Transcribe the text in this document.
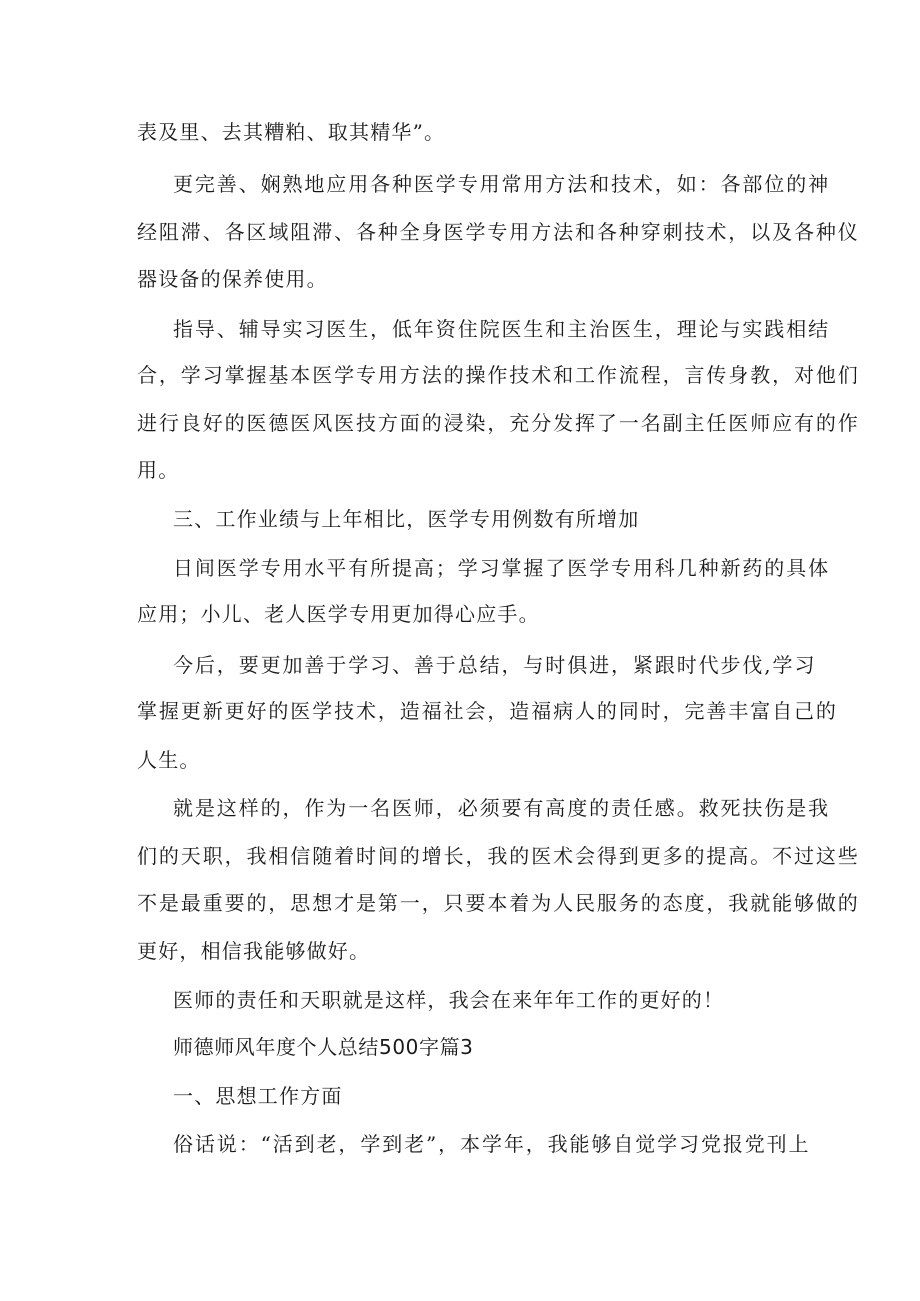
表及里、去其糟粕、取其精华”。
更完善、娴熟地应用各种医学专用常用方法和技术，如：各部位的神
经阻滞、各区域阻滞、各种全身医学专用方法和各种穿刺技术，以及各种仪
器设备的保养使用。
指导、辅导实习医生，低年资住院医生和主治医生，理论与实践相结
合，学习掌握基本医学专用方法的操作技术和工作流程，言传身教，对他们
进行良好的医德医风医技方面的浸染，充分发挥了一名副主任医师应有的作
用。
三、工作业绩与上年相比，医学专用例数有所增加
日间医学专用水平有所提高；学习掌握了医学专用科几种新药的具体
应用；小儿、老人医学专用更加得心应手。
今后，要更加善于学习、善于总结，与时俱进，紧跟时代步伐,学习
掌握更新更好的医学技术，造福社会，造福病人的同时，完善丰富自己的
人生。
就是这样的，作为一名医师，必须要有高度的责任感。救死扶伤是我
们的天职，我相信随着时间的增长，我的医术会得到更多的提高。不过这些
不是最重要的，思想才是第一，只要本着为人民服务的态度，我就能够做的
更好，相信我能够做好。
医师的责任和天职就是这样，我会在来年年工作的更好的！
师德师风年度个人总结500字篇3
一、思想工作方面
俗话说：“活到老，学到老”，本学年，我能够自觉学习党报党刊上
